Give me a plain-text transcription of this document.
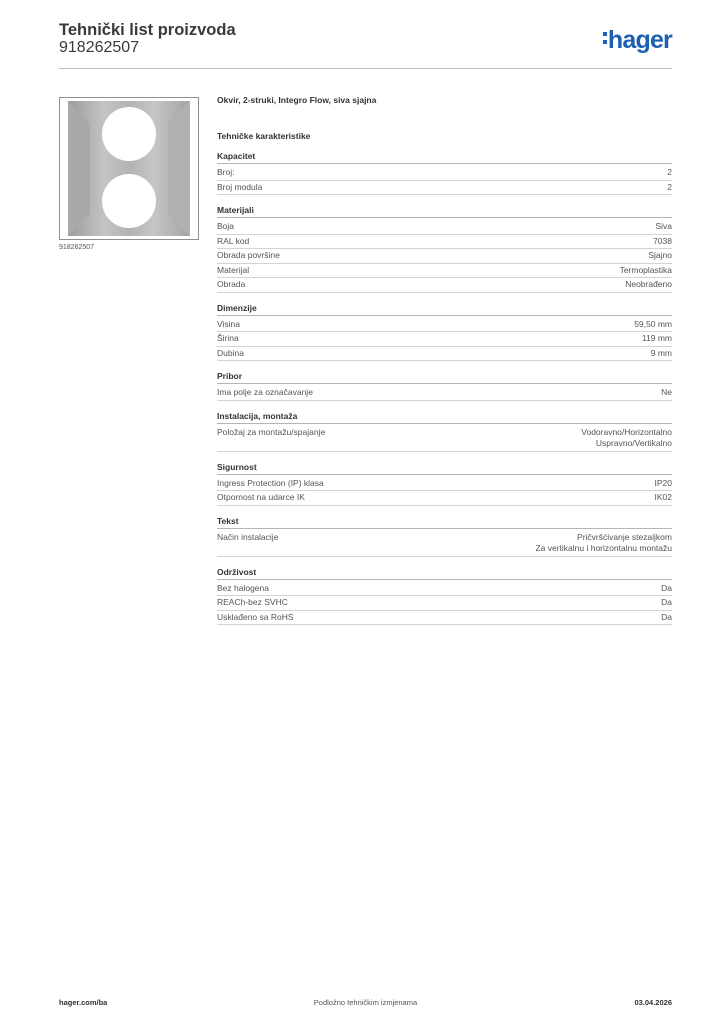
Tehnički list proizvoda
918262507	hager
918262507
Okvir, 2-struki, Integro Flow, siva sjajna
Tehničke karakteristike
Kapacitet
Broj:	2
Broj modula	2
Materijali
Boja	Siva
RAL kod	7038
Obrada površine	Sjajno
Materijal	Termoplastika
Obrada	Neobrađeno
Dimenzije
Visina	59,50 mm
Širina	119 mm
Dubina	9 mm
Pribor
Ima polje za označavanje	Ne
Instalacija, montaža
Položaj za montažu/spajanje	Vodoravno/Horizontalno
Uspravno/Vertikalno
Sigurnost
Ingress Protection (IP) klasa	IP20
Otpornost na udarce IK	IK02
Tekst
Način instalacije	Pričvršćivanje stezaljkom
Za vertikalnu i horizontalnu montažu
Održivost
Bez halogena	Da
REACh-bez SVHC	Da
Usklađeno sa RoHS	Da
hager.com/ba	Podložno tehničkim izmjenama	03.04.2026
